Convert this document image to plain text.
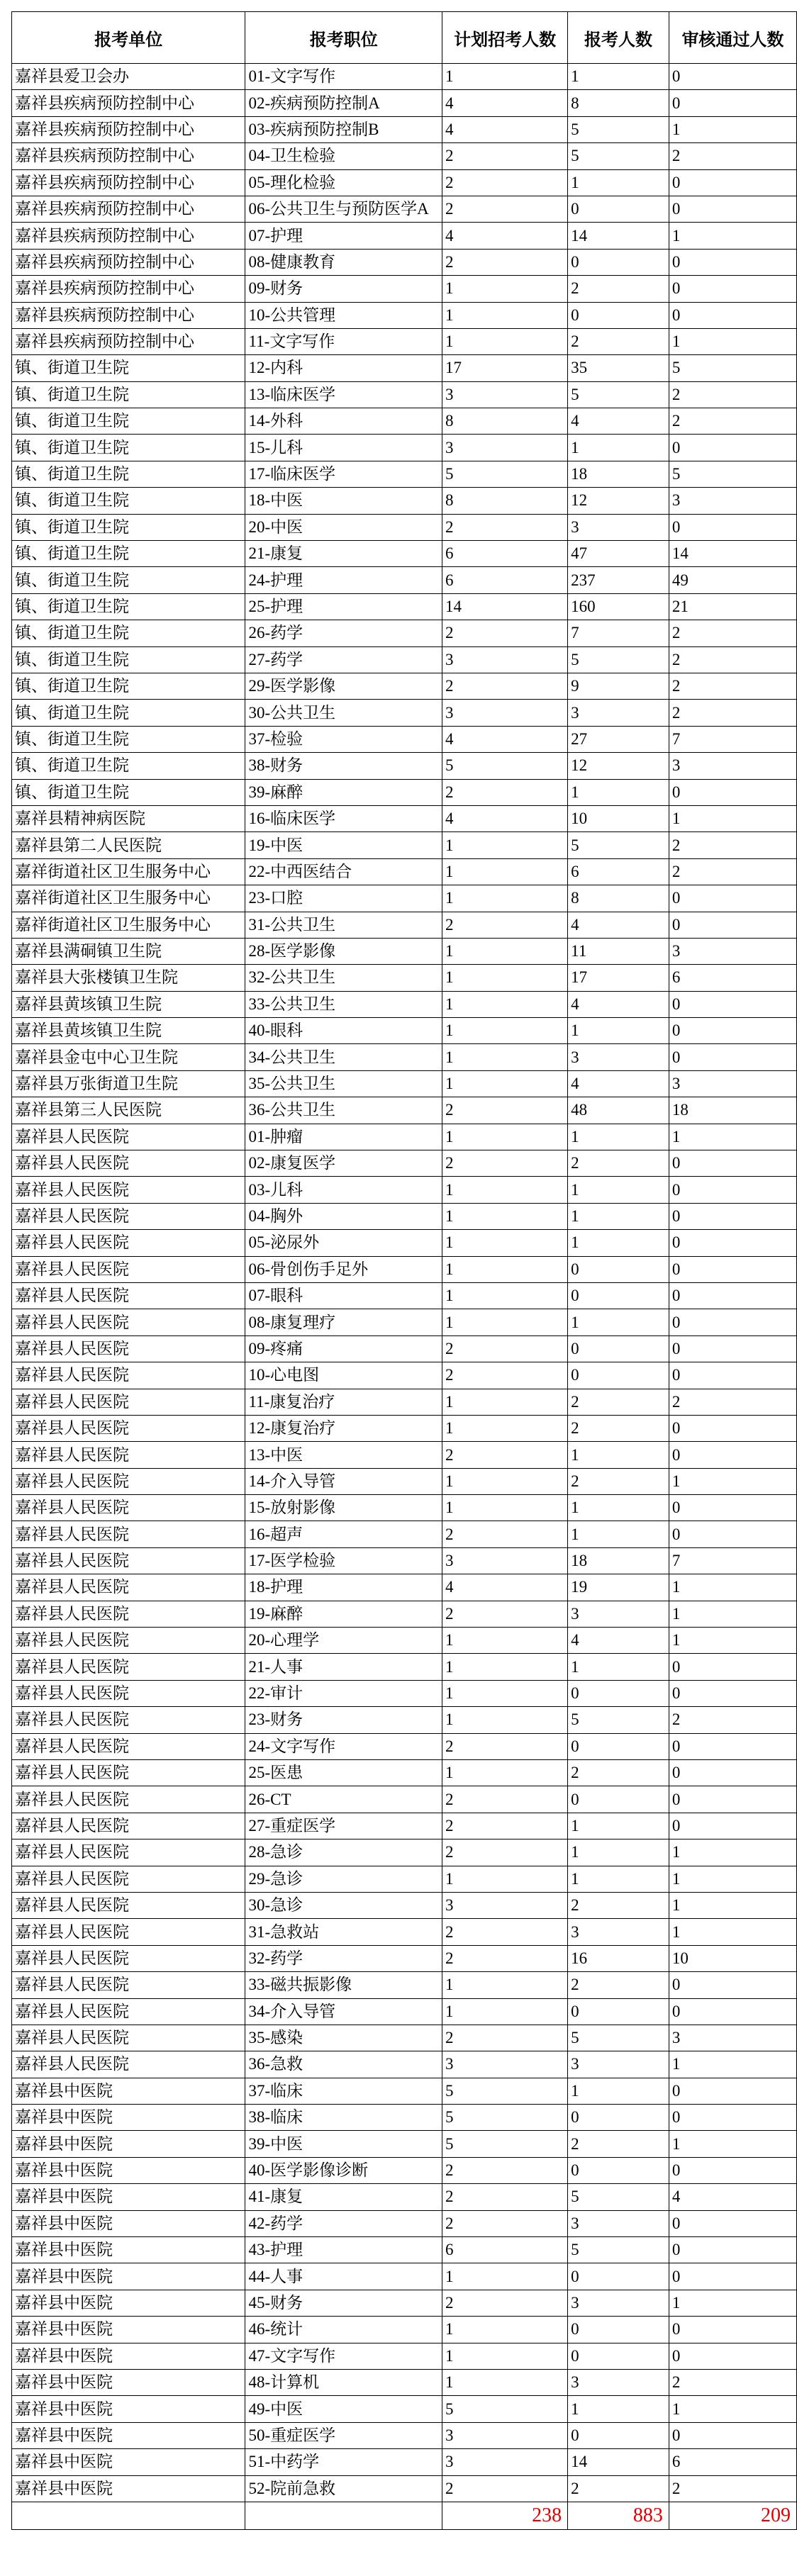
报考单位	报考职位	计划招考人数	报考人数	审核通过人数
嘉祥县爱卫会办	01-文字写作	1	1	0
嘉祥县疾病预防控制中心	02-疾病预防控制A	4	8	0
嘉祥县疾病预防控制中心	03-疾病预防控制B	4	5	1
嘉祥县疾病预防控制中心	04-卫生检验	2	5	2
嘉祥县疾病预防控制中心	05-理化检验	2	1	0
嘉祥县疾病预防控制中心	06-公共卫生与预防医学A	2	0	0
嘉祥县疾病预防控制中心	07-护理	4	14	1
嘉祥县疾病预防控制中心	08-健康教育	2	0	0
嘉祥县疾病预防控制中心	09-财务	1	2	0
嘉祥县疾病预防控制中心	10-公共管理	1	0	0
嘉祥县疾病预防控制中心	11-文字写作	1	2	1
镇、街道卫生院	12-内科	17	35	5
镇、街道卫生院	13-临床医学	3	5	2
镇、街道卫生院	14-外科	8	4	2
镇、街道卫生院	15-儿科	3	1	0
镇、街道卫生院	17-临床医学	5	18	5
镇、街道卫生院	18-中医	8	12	3
镇、街道卫生院	20-中医	2	3	0
镇、街道卫生院	21-康复	6	47	14
镇、街道卫生院	24-护理	6	237	49
镇、街道卫生院	25-护理	14	160	21
镇、街道卫生院	26-药学	2	7	2
镇、街道卫生院	27-药学	3	5	2
镇、街道卫生院	29-医学影像	2	9	2
镇、街道卫生院	30-公共卫生	3	3	2
镇、街道卫生院	37-检验	4	27	7
镇、街道卫生院	38-财务	5	12	3
镇、街道卫生院	39-麻醉	2	1	0
嘉祥县精神病医院	16-临床医学	4	10	1
嘉祥县第二人民医院	19-中医	1	5	2
嘉祥街道社区卫生服务中心	22-中西医结合	1	6	2
嘉祥街道社区卫生服务中心	23-口腔	1	8	0
嘉祥街道社区卫生服务中心	31-公共卫生	2	4	0
嘉祥县满硐镇卫生院	28-医学影像	1	11	3
嘉祥县大张楼镇卫生院	32-公共卫生	1	17	6
嘉祥县黄垓镇卫生院	33-公共卫生	1	4	0
嘉祥县黄垓镇卫生院	40-眼科	1	1	0
嘉祥县金屯中心卫生院	34-公共卫生	1	3	0
嘉祥县万张街道卫生院	35-公共卫生	1	4	3
嘉祥县第三人民医院	36-公共卫生	2	48	18
嘉祥县人民医院	01-肿瘤	1	1	1
嘉祥县人民医院	02-康复医学	2	2	0
嘉祥县人民医院	03-儿科	1	1	0
嘉祥县人民医院	04-胸外	1	1	0
嘉祥县人民医院	05-泌尿外	1	1	0
嘉祥县人民医院	06-骨创伤手足外	1	0	0
嘉祥县人民医院	07-眼科	1	0	0
嘉祥县人民医院	08-康复理疗	1	1	0
嘉祥县人民医院	09-疼痛	2	0	0
嘉祥县人民医院	10-心电图	2	0	0
嘉祥县人民医院	11-康复治疗	1	2	2
嘉祥县人民医院	12-康复治疗	1	2	0
嘉祥县人民医院	13-中医	2	1	0
嘉祥县人民医院	14-介入导管	1	2	1
嘉祥县人民医院	15-放射影像	1	1	0
嘉祥县人民医院	16-超声	2	1	0
嘉祥县人民医院	17-医学检验	3	18	7
嘉祥县人民医院	18-护理	4	19	1
嘉祥县人民医院	19-麻醉	2	3	1
嘉祥县人民医院	20-心理学	1	4	1
嘉祥县人民医院	21-人事	1	1	0
嘉祥县人民医院	22-审计	1	0	0
嘉祥县人民医院	23-财务	1	5	2
嘉祥县人民医院	24-文字写作	2	0	0
嘉祥县人民医院	25-医患	1	2	0
嘉祥县人民医院	26-CT	2	0	0
嘉祥县人民医院	27-重症医学	2	1	0
嘉祥县人民医院	28-急诊	2	1	1
嘉祥县人民医院	29-急诊	1	1	1
嘉祥县人民医院	30-急诊	3	2	1
嘉祥县人民医院	31-急救站	2	3	1
嘉祥县人民医院	32-药学	2	16	10
嘉祥县人民医院	33-磁共振影像	1	2	0
嘉祥县人民医院	34-介入导管	1	0	0
嘉祥县人民医院	35-感染	2	5	3
嘉祥县人民医院	36-急救	3	3	1
嘉祥县中医院	37-临床	5	1	0
嘉祥县中医院	38-临床	5	0	0
嘉祥县中医院	39-中医	5	2	1
嘉祥县中医院	40-医学影像诊断	2	0	0
嘉祥县中医院	41-康复	2	5	4
嘉祥县中医院	42-药学	2	3	0
嘉祥县中医院	43-护理	6	5	0
嘉祥县中医院	44-人事	1	0	0
嘉祥县中医院	45-财务	2	3	1
嘉祥县中医院	46-统计	1	0	0
嘉祥县中医院	47-文字写作	1	0	0
嘉祥县中医院	48-计算机	1	3	2
嘉祥县中医院	49-中医	5	1	1
嘉祥县中医院	50-重症医学	3	0	0
嘉祥县中医院	51-中药学	3	14	6
嘉祥县中医院	52-院前急救	2	2	2
		238	883	209
